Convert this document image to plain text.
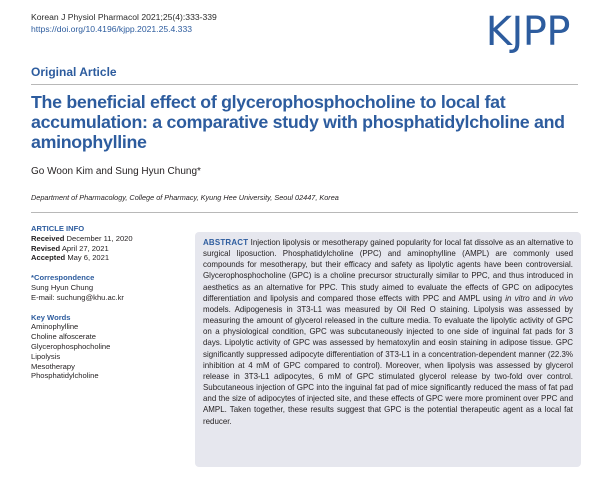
Korean J Physiol Pharmacol 2021;25(4):333-339
https://doi.org/10.4196/kjpp.2021.25.4.333	KJPP
Original Article
The beneficial effect of glycerophosphocholine to local fat accumulation: a comparative study with phosphatidylcholine and aminophylline
Go Woon Kim and Sung Hyun Chung*
Department of Pharmacology, College of Pharmacy, Kyung Hee University, Seoul 02447, Korea
ARTICLE INFO
Received December 11, 2020
Revised April 27, 2021
Accepted May 6, 2021
*Correspondence
Sung Hyun Chung
E-mail: suchung@khu.ac.kr
Key Words
Aminophylline
Choline alfoscerate
Glycerophosphocholine
Lipolysis
Mesotherapy
Phosphatidylcholine

ABSTRACT Injection lipolysis or mesotherapy gained popularity for local fat dissolve as an alternative to surgical liposuction. Phosphatidylcholine (PPC) and aminophylline (AMPL) are commonly used compounds for mesotherapy, but their efficacy and safety as lipolytic agents have been controversial. Glycerophosphocholine (GPC) is a choline precursor structurally similar to PPC, and thus introduced in aesthetics as an alternative for PPC. This study aimed to evaluate the effects of GPC on adipocytes differentiation and lipolysis and compared those effects with PPC and AMPL using in vitro and in vivo models. Adipogenesis in 3T3-L1 was measured by Oil Red O staining. Lipolysis was assessed by measuring the amount of glycerol released in the culture media. To evaluate the lipolytic activity of GPC on a physiological condition, GPC was subcutaneously injected to one side of inguinal fat pads for 3 days. Lipolytic activity of GPC was assessed by hematoxylin and eosin staining in adipose tissue. GPC significantly suppressed adipocyte differentiation of 3T3-L1 in a concentration-dependent manner (22.3% inhibition at 4 mM of GPC compared to control). Moreover, when lipolysis was assessed by glycerol release in 3T3-L1 adipocytes, 6 mM of GPC stimulated glycerol release by two-fold over control. Subcutaneous injection of GPC into the inguinal fat pad of mice significantly reduced the mass of fat pad and the size of adipocytes of injected site, and these effects of GPC were more prominent over PPC and AMPL. Taken together, these results suggest that GPC is the potential therapeutic agent as a local fat reducer.
